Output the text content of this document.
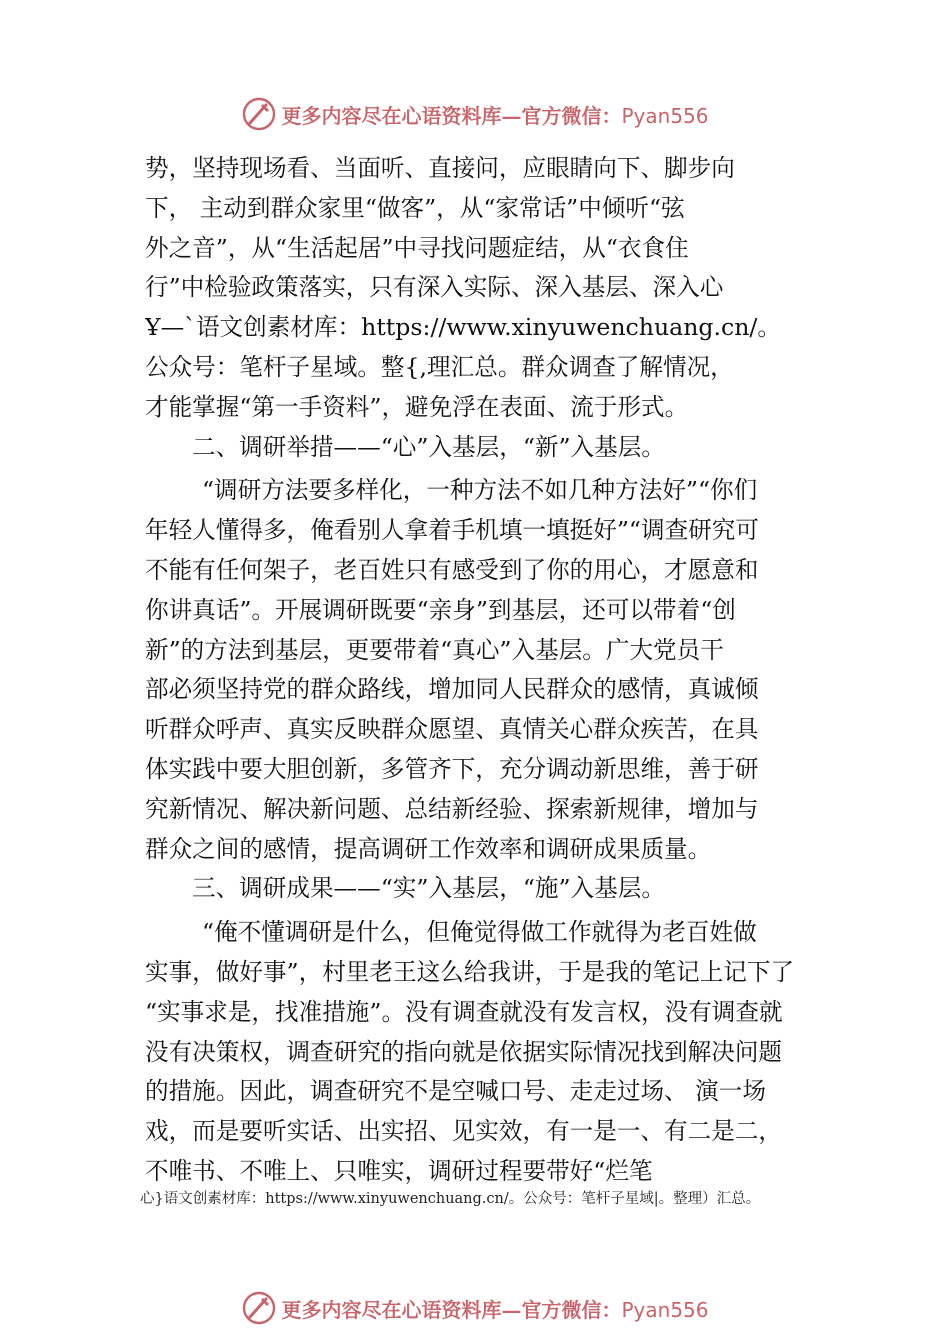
更多内容尽在心语资料库—官方微信：Pyan556

势，坚持现场看、当面听、直接问，应眼睛向下、脚步向

下， 主动到群众家里“做客”，从“家常话”中倾听“弦

外之音”，从“生活起居”中寻找问题症结，从“衣食住

行”中检验政策落实，只有深入实际、深入基层、深入心

Ұ—`语文创素材库：https://www.xinyuwenchuang.cn/。

公众号：笔杆子星域。整{,理汇总。群众调查了解情况，

才能掌握“第一手资料”，避免浮在表面、流于形式。

二、调研举措——“心”入基层，“新”入基层。

“调研方法要多样化，一种方法不如几种方法好”“你们

年轻人懂得多，俺看别人拿着手机填一填挺好”“调查研究可

不能有任何架子，老百姓只有感受到了你的用心，才愿意和

你讲真话”。开展调研既要“亲身”到基层，还可以带着“创

新”的方法到基层，更要带着“真心”入基层。广大党员干

部必须坚持党的群众路线，增加同人民群众的感情，真诚倾

听群众呼声、真实反映群众愿望、真情关心群众疾苦，在具

体实践中要大胆创新，多管齐下，充分调动新思维，善于研

究新情况、解决新问题、总结新经验、探索新规律，增加与

群众之间的感情，提高调研工作效率和调研成果质量。

三、调研成果——“实”入基层，“施”入基层。

“俺不懂调研是什么，但俺觉得做工作就得为老百姓做

实事，做好事”，村里老王这么给我讲，于是我的笔记上记下了

“实事求是，找准措施”。没有调查就没有发言权，没有调查就

没有决策权，调查研究的指向就是依据实际情况找到解决问题

的措施。因此，调查研究不是空喊口号、走走过场、 演一场

戏，而是要听实话、出实招、见实效，有一是一、有二是二，

不唯书、不唯上、只唯实，调研过程要带好“烂笔

心}语文创素材库：https://www.xinyuwenchuang.cn/。公众号：笔杆子星域|。整理）汇总。
更多内容尽在心语资料库—官方微信：Pyan556
